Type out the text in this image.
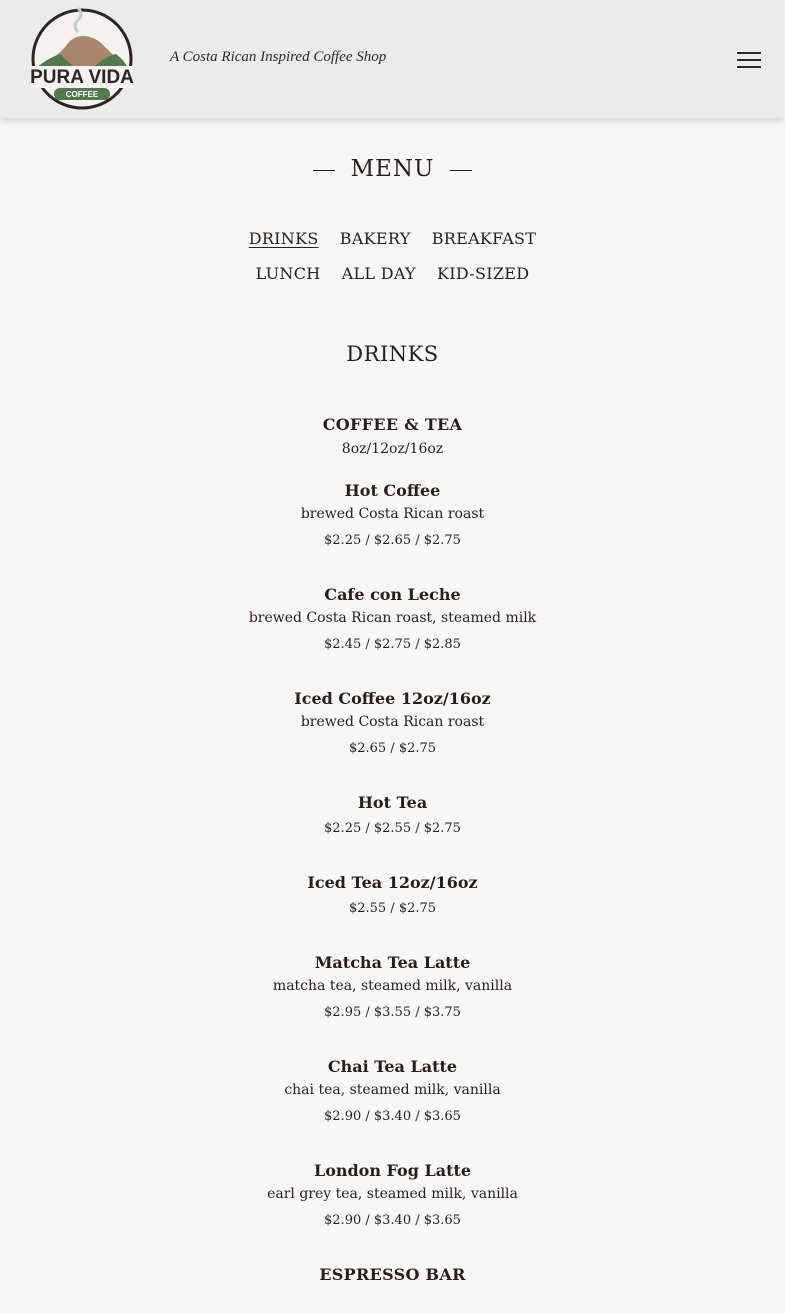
PURA VIDA
COFFEE
A Costa Rican Inspired Coffee Shop
MENU
DRINKS BAKERY BREAKFAST
LUNCH ALL DAY KID-SIZED
DRINKS
COFFEE & TEA
8oz/12oz/16oz
Hot Coffee
brewed Costa Rican roast
$2.25 / $2.65 / $2.75
Cafe con Leche
brewed Costa Rican roast, steamed milk
$2.45 / $2.75 / $2.85
Iced Coffee 12oz/16oz
brewed Costa Rican roast
$2.65 / $2.75
Hot Tea
$2.25 / $2.55 / $2.75
Iced Tea 12oz/16oz
$2.55 / $2.75
Matcha Tea Latte
matcha tea, steamed milk, vanilla
$2.95 / $3.55 / $3.75
Chai Tea Latte
chai tea, steamed milk, vanilla
$2.90 / $3.40 / $3.65
London Fog Latte
earl grey tea, steamed milk, vanilla
$2.90 / $3.40 / $3.65
ESPRESSO BAR
